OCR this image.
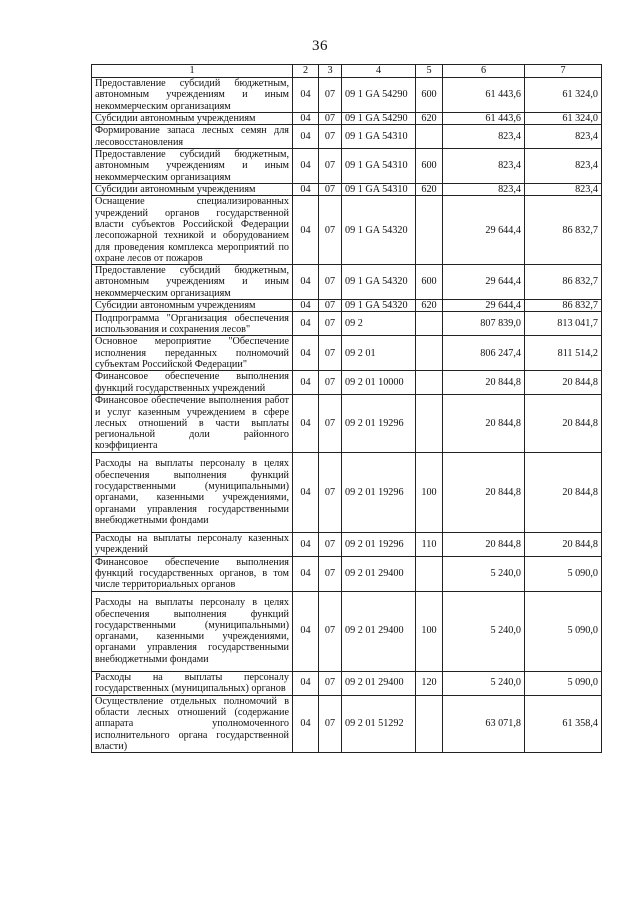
36
1	2	3	4	5	6	7
Предоставление субсидий бюджетным, автономным учреждениям и иным некоммерческим организациям	04	07	09 1 GA 54290	600	61 443,6	61 324,0
Субсидии автономным учреждениям	04	07	09 1 GA 54290	620	61 443,6	61 324,0
Формирование запаса лесных семян для лесовосстановления	04	07	09 1 GA 54310		823,4	823,4
Предоставление субсидий бюджетным, автономным учреждениям и иным некоммерческим организациям	04	07	09 1 GA 54310	600	823,4	823,4
Субсидии автономным учреждениям	04	07	09 1 GA 54310	620	823,4	823,4
Оснащение специализированных учреждений органов государственной власти субъектов Российской Федерации лесопожарной техникой и оборудованием для проведения комплекса мероприятий по охране лесов от пожаров	04	07	09 1 GA 54320		29 644,4	86 832,7
Предоставление субсидий бюджетным, автономным учреждениям и иным некоммерческим организациям	04	07	09 1 GA 54320	600	29 644,4	86 832,7
Субсидии автономным учреждениям	04	07	09 1 GA 54320	620	29 644,4	86 832,7
Подпрограмма "Организация обеспечения использования и сохранения лесов"	04	07	09 2		807 839,0	813 041,7
Основное мероприятие "Обеспечение исполнения переданных полномочий субъектам Российской Федерации"	04	07	09 2 01		806 247,4	811 514,2
Финансовое обеспечение выполнения функций государственных учреждений	04	07	09 2 01 10000		20 844,8	20 844,8
Финансовое обеспечение выполнения работ и услуг казенным учреждением в сфере лесных отношений в части выплаты региональной доли районного коэффициента	04	07	09 2 01 19296		20 844,8	20 844,8
Расходы на выплаты персоналу в целях обеспечения выполнения функций государственными (муниципальными) органами, казенными учреждениями, органами управления государственными внебюджетными фондами	04	07	09 2 01 19296	100	20 844,8	20 844,8
Расходы на выплаты персоналу казенных учреждений	04	07	09 2 01 19296	110	20 844,8	20 844,8
Финансовое обеспечение выполнения функций государственных органов, в том числе территориальных органов	04	07	09 2 01 29400		5 240,0	5 090,0
Расходы на выплаты персоналу в целях обеспечения выполнения функций государственными (муниципальными) органами, казенными учреждениями, органами управления государственными внебюджетными фондами	04	07	09 2 01 29400	100	5 240,0	5 090,0
Расходы на выплаты персоналу государственных (муниципальных) органов	04	07	09 2 01 29400	120	5 240,0	5 090,0
Осуществление отдельных полномочий в области лесных отношений (содержание аппарата уполномоченного исполнительного органа государственной власти)	04	07	09 2 01 51292		63 071,8	61 358,4
